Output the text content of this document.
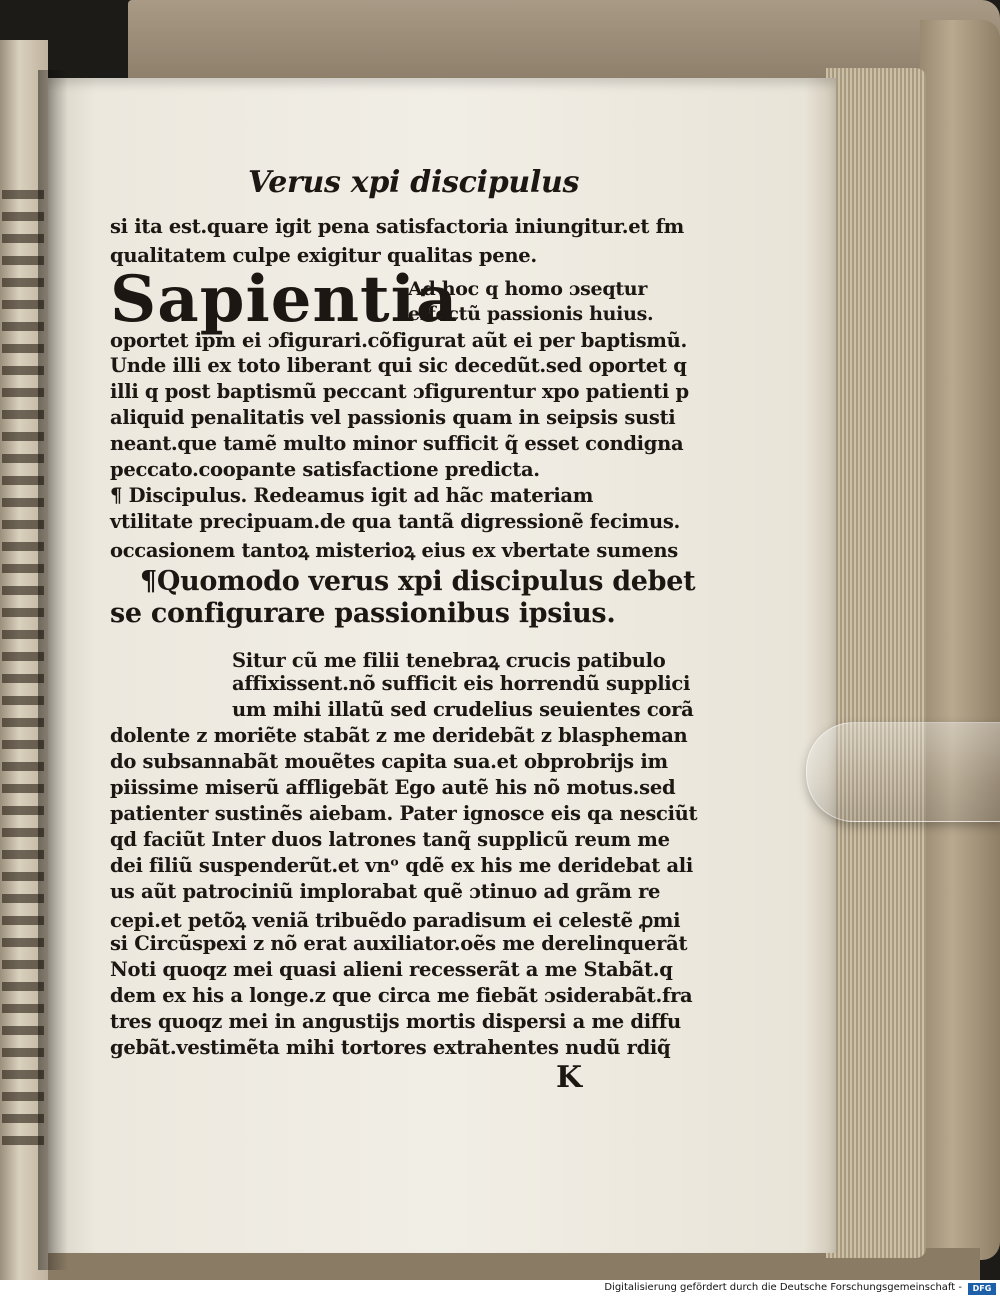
Verus xpi discipulus
si ita est.quare igit pena satisfactoria iniungitur.et fm
qualitatem culpe exigitur qualitas pene.
Sapientia
Ad hoc q homo ɔseqtur
effectũ passionis huius.
oportet ipm ei ɔfigurari.cõfigurat aũt ei per baptismũ.
Unde illi ex toto liberant qui sic decedũt.sed oportet q
illi q post baptismũ peccant ɔfigurentur xpo patienti p
aliquid penalitatis vel passionis quam in seipsis susti
neant.que tamẽ multo minor sufficit q̃ esset condigna
peccato.coopante satisfactione predicta.
¶ Discipulus. Redeamus igit ad hãc materiam
vtilitate precipuam.de qua tantã digressionẽ fecimus.
occasionem tantoꝝ misterioꝝ eius ex vbertate sumens
¶Quomodo verus xpi discipulus debet
se configurare passionibus ipsius.
Situr cũ me filii tenebraꝝ crucis patibulo
affixissent.nõ sufficit eis horrendũ supplici
um mihi illatũ sed crudelius seuientes corã
dolente z moriẽte stabãt z me deridebãt z blaspheman
do subsannabãt mouẽtes capita sua.et obprobrijs im
piissime miserũ affligebãt Ego autẽ his nõ motus.sed
patienter sustinẽs aiebam. Pater ignosce eis qa nesciũt
qd faciũt Inter duos latrones tanq̃ supplicũ reum me
dei filiũ suspenderũt.et vnᵒ qdẽ ex his me deridebat ali
us aũt patrociniũ implorabat quẽ ɔtinuo ad grãm re
cepi.et petõꝝ veniã tribuẽdo paradisum ei celestẽ ꝓmi
si Circũspexi z nõ erat auxiliator.oẽs me derelinquerãt
Noti quoqz mei quasi alieni recesserãt a me Stabãt.q
dem ex his a longe.z que circa me fiebãt ɔsiderabãt.fra
tres quoqz mei in angustijs mortis dispersi a me diffu
gebãt.vestimẽta mihi tortores extrahentes nudũ rdiq̃
K
Digitalisierung gefördert durch die Deutsche Forschungsgemeinschaft -	DFG
